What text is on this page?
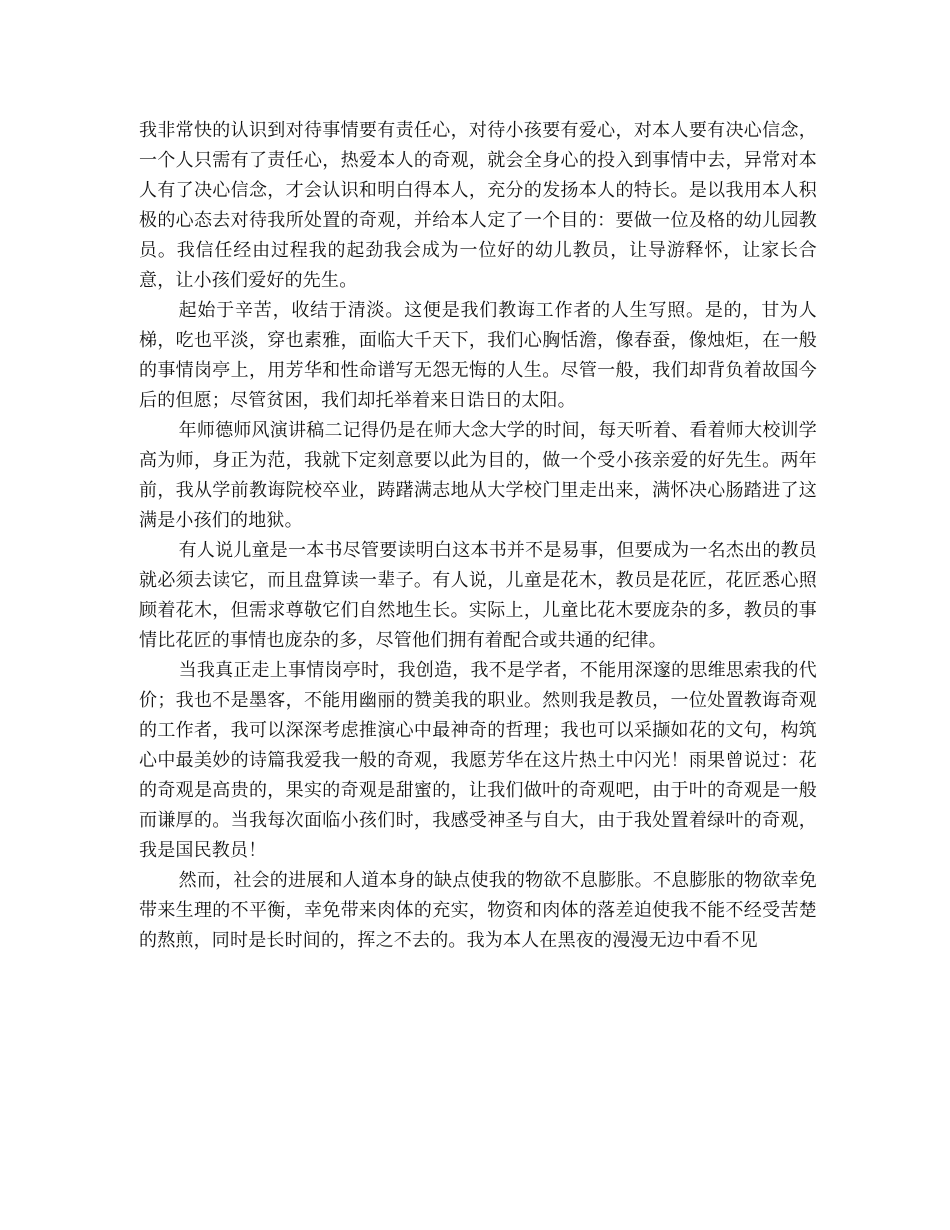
我非常快的认识到对待事情要有责任心，对待小孩要有爱心，对本人要有决心信念，一个人只需有了责任心，热爱本人的奇观，就会全身心的投入到事情中去，异常对本人有了决心信念，才会认识和明白得本人，充分的发扬本人的特长。是以我用本人积极的心态去对待我所处置的奇观，并给本人定了一个目的：要做一位及格的幼儿园教员。我信任经由过程我的起劲我会成为一位好的幼儿教员，让导游释怀，让家长合意，让小孩们爱好的先生。

起始于辛苦，收结于清淡。这便是我们教诲工作者的人生写照。是的，甘为人梯，吃也平淡，穿也素雅，面临大千天下，我们心胸恬澹，像春蚕，像烛炬，在一般的事情岗亭上，用芳华和性命谱写无怨无悔的人生。尽管一般，我们却背负着故国今后的但愿；尽管贫困，我们却托举着来日诰日的太阳。

年师德师风演讲稿二记得仍是在师大念大学的时间，每天听着、看着师大校训学高为师，身正为范，我就下定刻意要以此为目的，做一个受小孩亲爱的好先生。两年前，我从学前教诲院校卒业，踌躇满志地从大学校门里走出来，满怀决心肠踏进了这满是小孩们的地狱。

有人说儿童是一本书尽管要读明白这本书并不是易事，但要成为一名杰出的教员就必须去读它，而且盘算读一辈子。有人说，儿童是花木，教员是花匠，花匠悉心照顾着花木，但需求尊敬它们自然地生长。实际上，儿童比花木要庞杂的多，教员的事情比花匠的事情也庞杂的多，尽管他们拥有着配合或共通的纪律。

当我真正走上事情岗亭时，我创造，我不是学者，不能用深邃的思维思索我的代价；我也不是墨客，不能用幽丽的赞美我的职业。然则我是教员，一位处置教诲奇观的工作者，我可以深深考虑推演心中最神奇的哲理；我也可以采撷如花的文句，构筑心中最美妙的诗篇我爱我一般的奇观，我愿芳华在这片热土中闪光！雨果曾说过：花的奇观是高贵的，果实的奇观是甜蜜的，让我们做叶的奇观吧，由于叶的奇观是一般而谦厚的。当我每次面临小孩们时，我感受神圣与自大，由于我处置着绿叶的奇观，我是国民教员！

然而，社会的进展和人道本身的缺点使我的物欲不息膨胀。不息膨胀的物欲幸免带来生理的不平衡，幸免带来肉体的充实，物资和肉体的落差迫使我不能不经受苦楚的熬煎，同时是长时间的，挥之不去的。我为本人在黑夜的漫漫无边中看不见
